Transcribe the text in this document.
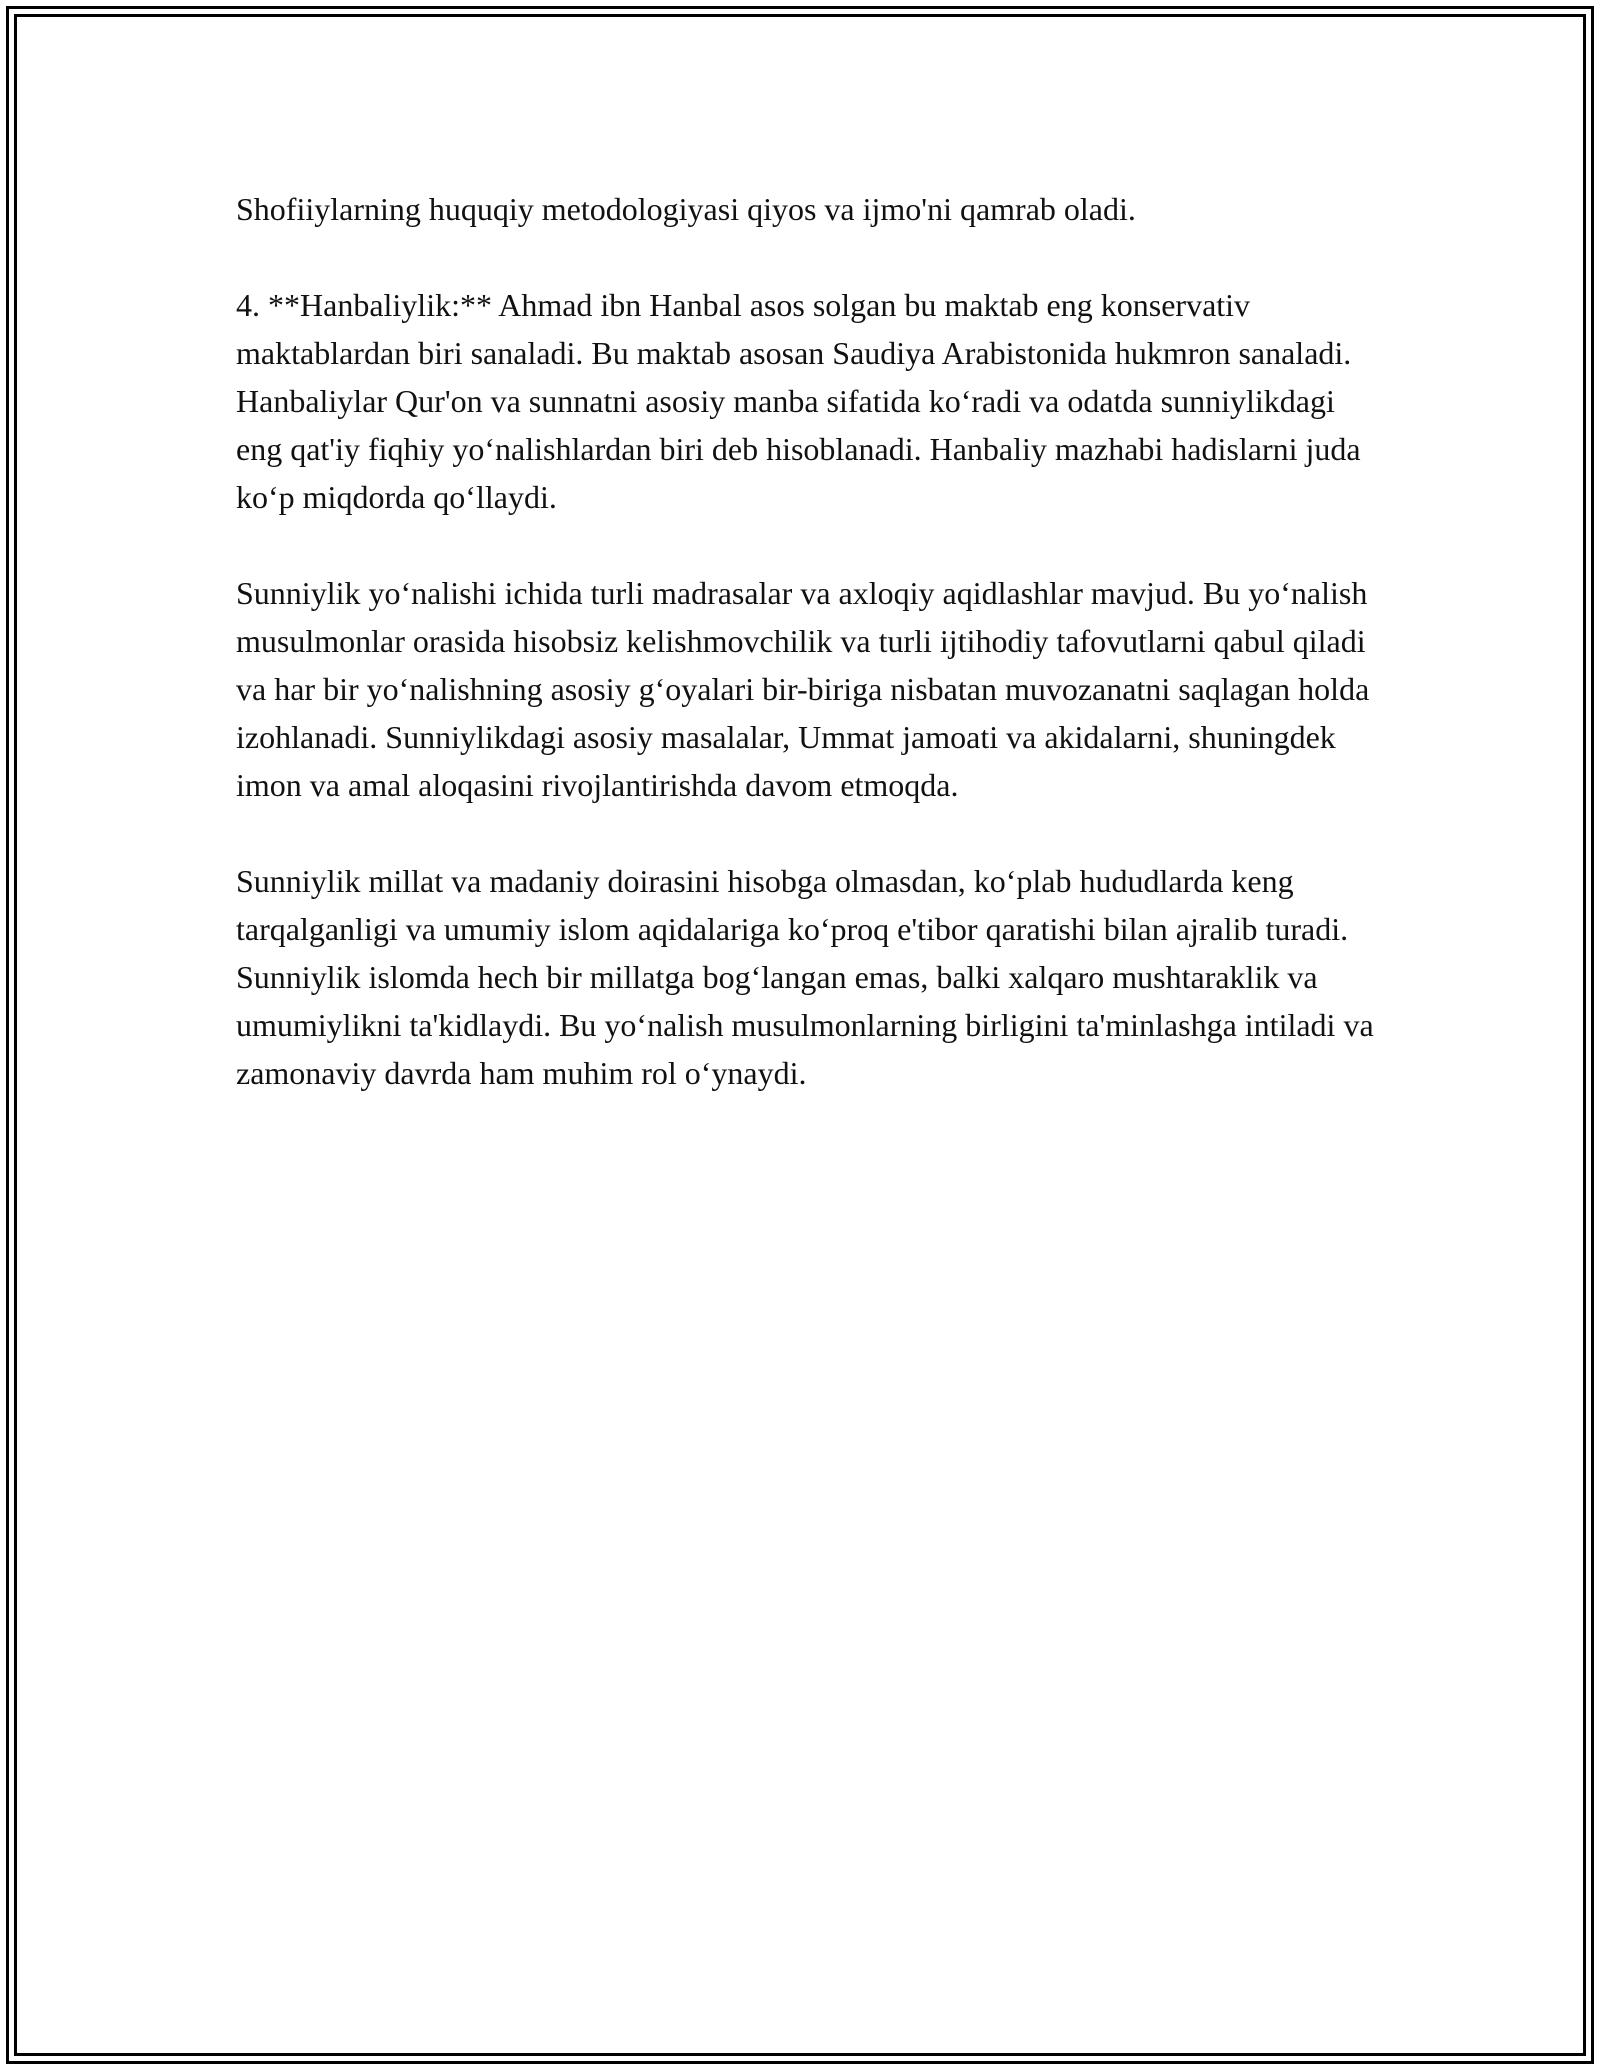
Shofiiylarning huquqiy metodologiyasi qiyos va ijmo'ni qamrab oladi.

4. **Hanbaliylik:** Ahmad ibn Hanbal asos solgan bu maktab eng konservativ maktablardan biri sanaladi. Bu maktab asosan Saudiya Arabistonida hukmron sanaladi. Hanbaliylar Qur'on va sunnatni asosiy manba sifatida ko‘radi va odatda sunniylikdagi eng qat'iy fiqhiy yo‘nalishlardan biri deb hisoblanadi. Hanbaliy mazhabi hadislarni juda ko‘p miqdorda qo‘llaydi.

Sunniylik yo‘nalishi ichida turli madrasalar va axloqiy aqidlashlar mavjud. Bu yo‘nalish musulmonlar orasida hisobsiz kelishmovchilik va turli ijtihodiy tafovutlarni qabul qiladi va har bir yo‘nalishning asosiy g‘oyalari bir-biriga nisbatan muvozanatni saqlagan holda izohlanadi. Sunniylikdagi asosiy masalalar, Ummat jamoati va akidalarni, shuningdek imon va amal aloqasini rivojlantirishda davom etmoqda.

Sunniylik millat va madaniy doirasini hisobga olmasdan, ko‘plab hududlarda keng tarqalganligi va umumiy islom aqidalariga ko‘proq e'tibor qaratishi bilan ajralib turadi. Sunniylik islomda hech bir millatga bog‘langan emas, balki xalqaro mushtaraklik va umumiylikni ta'kidlaydi. Bu yo‘nalish musulmonlarning birligini ta'minlashga intiladi va zamonaviy davrda ham muhim rol o‘ynaydi.
